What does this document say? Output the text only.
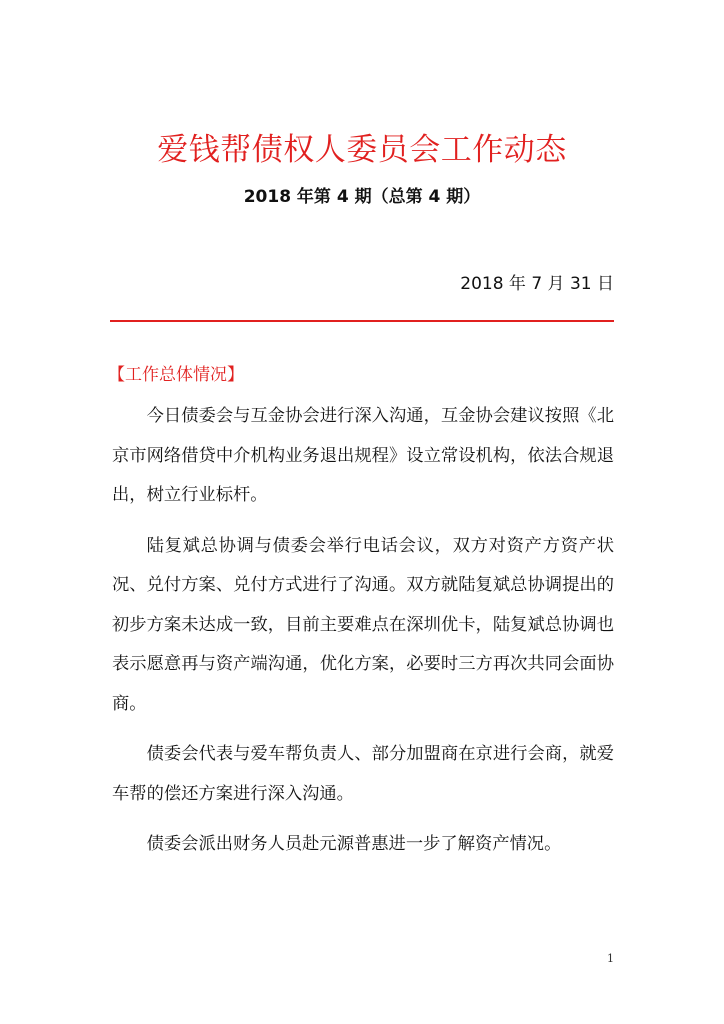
爱钱帮债权人委员会工作动态
2018 年第 4 期（总第 4 期）
2018 年 7 月 31 日
【工作总体情况】

今日债委会与互金协会进行深入沟通，互金协会建议按照《北京市网络借贷中介机构业务退出规程》设立常设机构，依法合规退出，树立行业标杆。

陆复斌总协调与债委会举行电话会议，双方对资产方资产状况、兑付方案、兑付方式进行了沟通。双方就陆复斌总协调提出的初步方案未达成一致，目前主要难点在深圳优卡，陆复斌总协调也表示愿意再与资产端沟通，优化方案，必要时三方再次共同会面协商。

债委会代表与爱车帮负责人、部分加盟商在京进行会商，就爱车帮的偿还方案进行深入沟通。

债委会派出财务人员赴元源普惠进一步了解资产情况。

1
